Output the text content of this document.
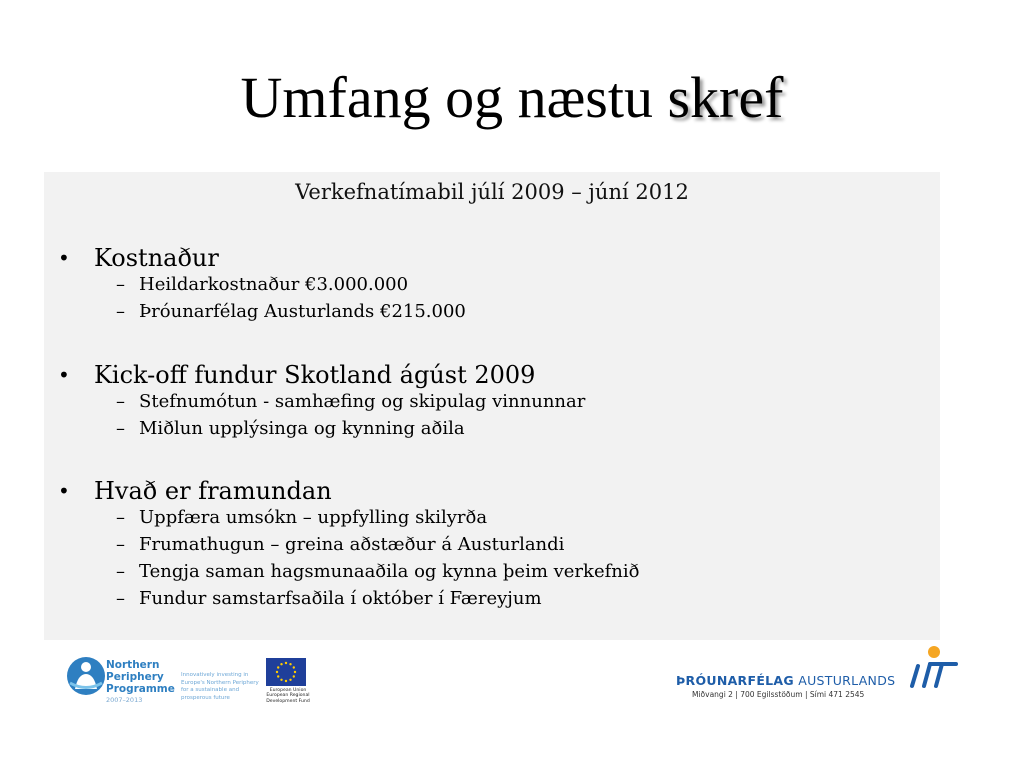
Umfang og næstu skref
Verkefnatímabil júlí 2009 – júní 2012
• Kostnaður
– Heildarkostnaður €3.000.000
– Þróunarfélag Austurlands €215.000
• Kick-off fundur Skotland ágúst 2009
– Stefnumótun - samhæfing og skipulag vinnunnar
– Miðlun upplýsinga og kynning aðila
• Hvað er framundan
– Uppfæra umsókn – uppfylling skilyrða
– Frumathugun – greina aðstæður á Austurlandi
– Tengja saman hagsmunaaðila og kynna þeim verkefnið
– Fundur samstarfsaðila í október í Færeyjum
Northern
Periphery
Programme
2007–2013
Innovatively investing in Europe's Northern Periphery for a sustainable and prosperous future
European Union European Regional Development Fund
ÞRÓUNARFÉLAG AUSTURLANDS
Miðvangi 2 | 700 Egilsstöðum | Sími 471 2545
